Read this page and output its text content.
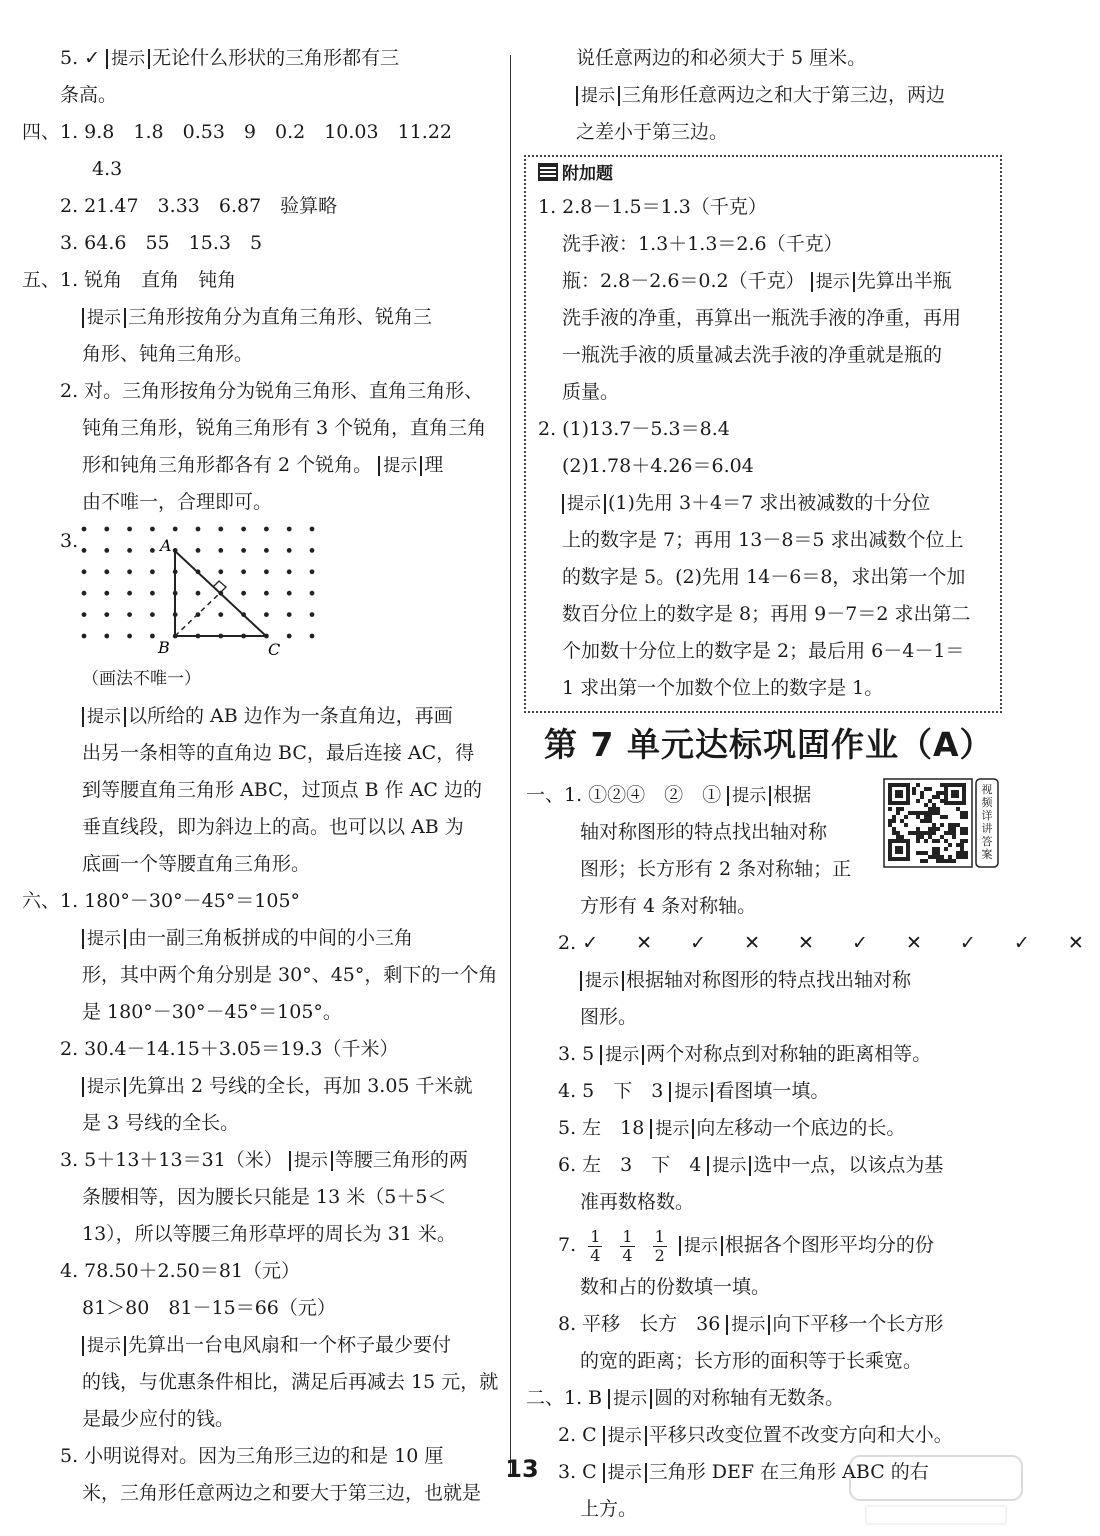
5. ✓ 提示 无论什么形状的三角形都有三
条高。
四、1. 9.8　1.8　0.53　9　0.2　10.03　11.22
4.3
2. 21.47　3.33　6.87　验算略
3. 64.6　55　15.3　5
五、1. 锐角　直角　钝角
提示 三角形按角分为直角三角形、锐角三
角形、钝角三角形。
2. 对。三角形按角分为锐角三角形、直角三角形、
钝角三角形，锐角三角形有 3 个锐角，直角三角
形和钝角三角形都各有 2 个锐角。 提示 理
由不唯一，合理即可。
3.	A
B	C
（画法不唯一）
提示 以所给的 AB 边作为一条直角边，再画
出另一条相等的直角边 BC，最后连接 AC，得
到等腰直角三角形 ABC，过顶点 B 作 AC 边的
垂直线段，即为斜边上的高。也可以以 AB 为
底画一个等腰直角三角形。
六、1. 180°－30°－45°＝105°
提示 由一副三角板拼成的中间的小三角
形，其中两个角分别是 30°、45°，剩下的一个角
是 180°－30°－45°＝105°。
2. 30.4－14.15＋3.05＝19.3（千米）
提示 先算出 2 号线的全长，再加 3.05 千米就
是 3 号线的全长。
3. 5＋13＋13＝31（米） 提示 等腰三角形的两
条腰相等，因为腰长只能是 13 米（5＋5＜
13），所以等腰三角形草坪的周长为 31 米。
4. 78.50＋2.50＝81（元）
81＞80　81－15＝66（元）
提示 先算出一台电风扇和一个杯子最少要付
的钱，与优惠条件相比，满足后再减去 15 元，就
是最少应付的钱。
5. 小明说得对。因为三角形三边的和是 10 厘
米，三角形任意两边之和要大于第三边，也就是
说任意两边的和必须大于 5 厘米。
提示 三角形任意两边之和大于第三边，两边
之差小于第三边。
附加题
1. 2.8－1.5＝1.3（千克）
洗手液：1.3＋1.3＝2.6（千克）
瓶：2.8－2.6＝0.2（千克） 提示 先算出半瓶
洗手液的净重，再算出一瓶洗手液的净重，再用
一瓶洗手液的质量减去洗手液的净重就是瓶的
质量。
2. (1)13.7－5.3＝8.4
(2)1.78＋4.26＝6.04
提示 (1)先用 3＋4＝7 求出被减数的十分位
上的数字是 7；再用 13－8＝5 求出减数个位上
的数字是 5。(2)先用 14－6＝8，求出第一个加
数百分位上的数字是 8；再用 9－7＝2 求出第二
个加数十分位上的数字是 2；最后用 6－4－1＝
1 求出第一个加数个位上的数字是 1。
第 7 单元达标巩固作业（A）
视频详讲答案
一、1. ①②④　②　① 提示 根据
轴对称图形的特点找出轴对称
图形；长方形有 2 条对称轴；正
方形有 4 条对称轴。
2. ✓ ✕ ✓ ✕ ✕ ✓ ✕ ✓ ✓ ✕
提示 根据轴对称图形的特点找出轴对称
图形。
3. 5 提示 两个对称点到对称轴的距离相等。
4. 5　下　3 提示 看图填一填。
5. 左　18 提示 向左移动一个底边的长。
6. 左　3　下　4 提示 选中一点，以该点为基
准再数格数。
7. $\frac{1}{4}$
$\frac{1}{4}$
$\frac{1}{2}$ 提示 根据各个图形平均分的份
数和占的份数填一填。
8. 平移　长方　36 提示 向下平移一个长方形
的宽的距离；长方形的面积等于长乘宽。
二、1. B 提示 圆的对称轴有无数条。
2. C 提示 平移只改变位置不改变方向和大小。
3. C 提示 三角形 DEF 在三角形 ABC 的右
上方。
13
